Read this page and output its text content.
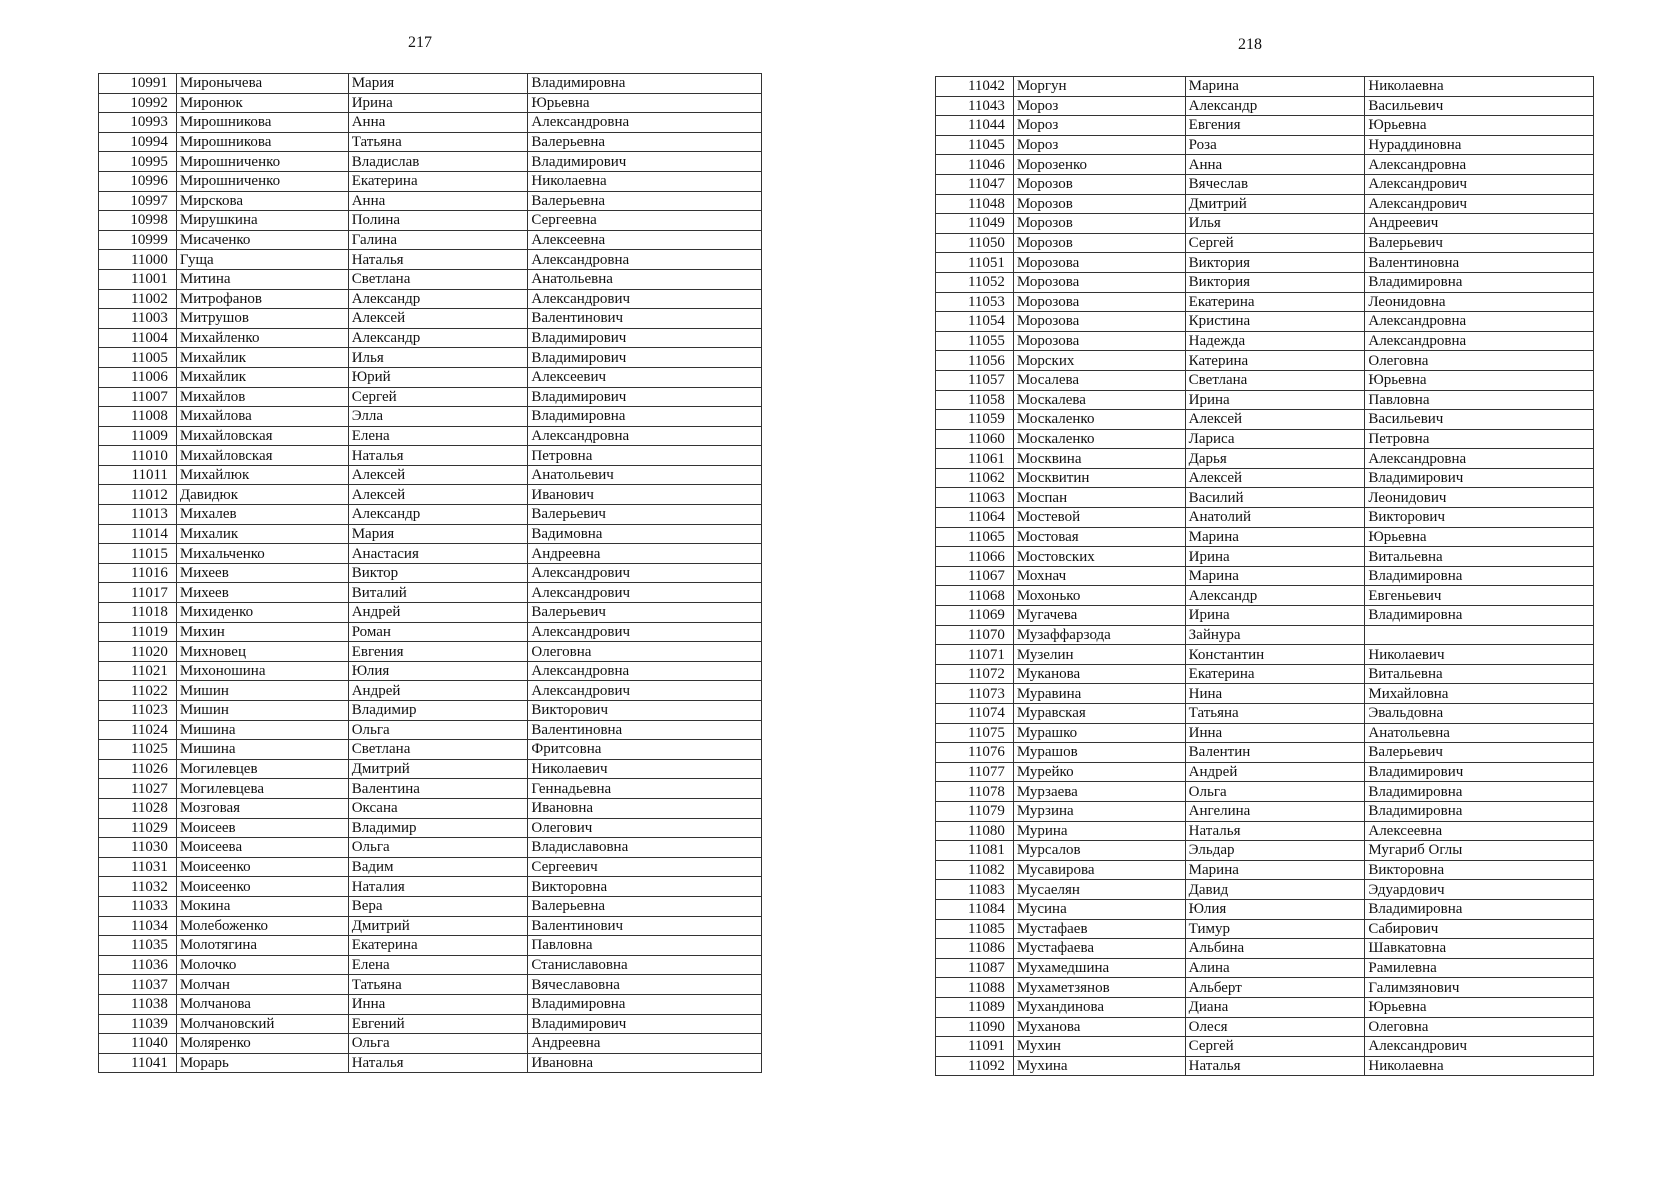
217	218
10991	Миронычева	Мария	Владимировна
10992	Миронюк	Ирина	Юрьевна
10993	Мирошникова	Анна	Александровна
10994	Мирошникова	Татьяна	Валерьевна
10995	Мирошниченко	Владислав	Владимирович
10996	Мирошниченко	Екатерина	Николаевна
10997	Мирскова	Анна	Валерьевна
10998	Мирушкина	Полина	Сергеевна
10999	Мисаченко	Галина	Алексеевна
11000	Гуща	Наталья	Александровна
11001	Митина	Светлана	Анатольевна
11002	Митрофанов	Александр	Александрович
11003	Митрушов	Алексей	Валентинович
11004	Михайленко	Александр	Владимирович
11005	Михайлик	Илья	Владимирович
11006	Михайлик	Юрий	Алексеевич
11007	Михайлов	Сергей	Владимирович
11008	Михайлова	Элла	Владимировна
11009	Михайловская	Елена	Александровна
11010	Михайловская	Наталья	Петровна
11011	Михайлюк	Алексей	Анатольевич
11012	Давидюк	Алексей	Иванович
11013	Михалев	Александр	Валерьевич
11014	Михалик	Мария	Вадимовна
11015	Михальченко	Анастасия	Андреевна
11016	Михеев	Виктор	Александрович
11017	Михеев	Виталий	Александрович
11018	Михиденко	Андрей	Валерьевич
11019	Михин	Роман	Александрович
11020	Михновец	Евгения	Олеговна
11021	Михоношина	Юлия	Александровна
11022	Мишин	Андрей	Александрович
11023	Мишин	Владимир	Викторович
11024	Мишина	Ольга	Валентиновна
11025	Мишина	Светлана	Фритсовна
11026	Могилевцев	Дмитрий	Николаевич
11027	Могилевцева	Валентина	Геннадьевна
11028	Мозговая	Оксана	Ивановна
11029	Моисеев	Владимир	Олегович
11030	Моисеева	Ольга	Владиславовна
11031	Моисеенко	Вадим	Сергеевич
11032	Моисеенко	Наталия	Викторовна
11033	Мокина	Вера	Валерьевна
11034	Молебоженко	Дмитрий	Валентинович
11035	Молотягина	Екатерина	Павловна
11036	Молочко	Елена	Станиславовна
11037	Молчан	Татьяна	Вячеславовна
11038	Молчанова	Инна	Владимировна
11039	Молчановский	Евгений	Владимирович
11040	Моляренко	Ольга	Андреевна
11041	Морарь	Наталья	Ивановна
11042	Моргун	Марина	Николаевна
11043	Мороз	Александр	Васильевич
11044	Мороз	Евгения	Юрьевна
11045	Мороз	Роза	Нураддиновна
11046	Морозенко	Анна	Александровна
11047	Морозов	Вячеслав	Александрович
11048	Морозов	Дмитрий	Александрович
11049	Морозов	Илья	Андреевич
11050	Морозов	Сергей	Валерьевич
11051	Морозова	Виктория	Валентиновна
11052	Морозова	Виктория	Владимировна
11053	Морозова	Екатерина	Леонидовна
11054	Морозова	Кристина	Александровна
11055	Морозова	Надежда	Александровна
11056	Морских	Катерина	Олеговна
11057	Мосалева	Светлана	Юрьевна
11058	Москалева	Ирина	Павловна
11059	Москаленко	Алексей	Васильевич
11060	Москаленко	Лариса	Петровна
11061	Москвина	Дарья	Александровна
11062	Москвитин	Алексей	Владимирович
11063	Моспан	Василий	Леонидович
11064	Мостевой	Анатолий	Викторович
11065	Мостовая	Марина	Юрьевна
11066	Мостовских	Ирина	Витальевна
11067	Мохнач	Марина	Владимировна
11068	Мохонько	Александр	Евгеньевич
11069	Мугачева	Ирина	Владимировна
11070	Музаффарзода	Зайнура	
11071	Музелин	Константин	Николаевич
11072	Муканова	Екатерина	Витальевна
11073	Муравина	Нина	Михайловна
11074	Муравская	Татьяна	Эвальдовна
11075	Мурашко	Инна	Анатольевна
11076	Мурашов	Валентин	Валерьевич
11077	Мурейко	Андрей	Владимирович
11078	Мурзаева	Ольга	Владимировна
11079	Мурзина	Ангелина	Владимировна
11080	Мурина	Наталья	Алексеевна
11081	Мурсалов	Эльдар	Мугариб Оглы
11082	Мусавирова	Марина	Викторовна
11083	Мусаелян	Давид	Эдуардович
11084	Мусина	Юлия	Владимировна
11085	Мустафаев	Тимур	Сабирович
11086	Мустафаева	Альбина	Шавкатовна
11087	Мухамедшина	Алина	Рамилевна
11088	Мухаметзянов	Альберт	Галимзянович
11089	Мухандинова	Диана	Юрьевна
11090	Муханова	Олеся	Олеговна
11091	Мухин	Сергей	Александрович
11092	Мухина	Наталья	Николаевна
